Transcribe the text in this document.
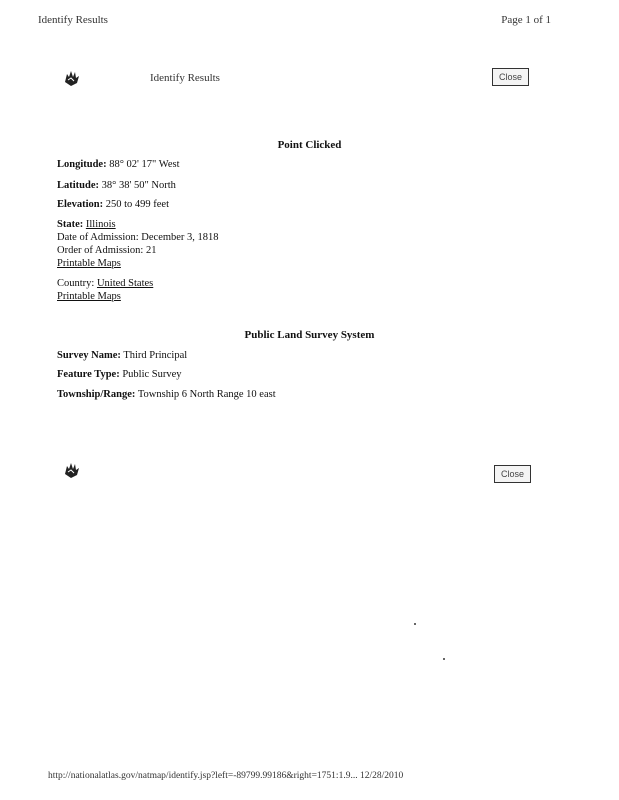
Identify Results	Page 1 of 1
Identify Results	Close
Point Clicked
Longitude: 88° 02' 17" West
Latitude: 38° 38' 50" North
Elevation: 250 to 499 feet
State: Illinois
Date of Admission: December 3, 1818
Order of Admission: 21
Printable Maps
Country: United States
Printable Maps
Public Land Survey System
Survey Name: Third Principal
Feature Type: Public Survey
Township/Range: Township 6 North Range 10 east
Close
http://nationalatlas.gov/natmap/identify.jsp?left=-89799.99186&right=1751:1.9... 12/28/2010
